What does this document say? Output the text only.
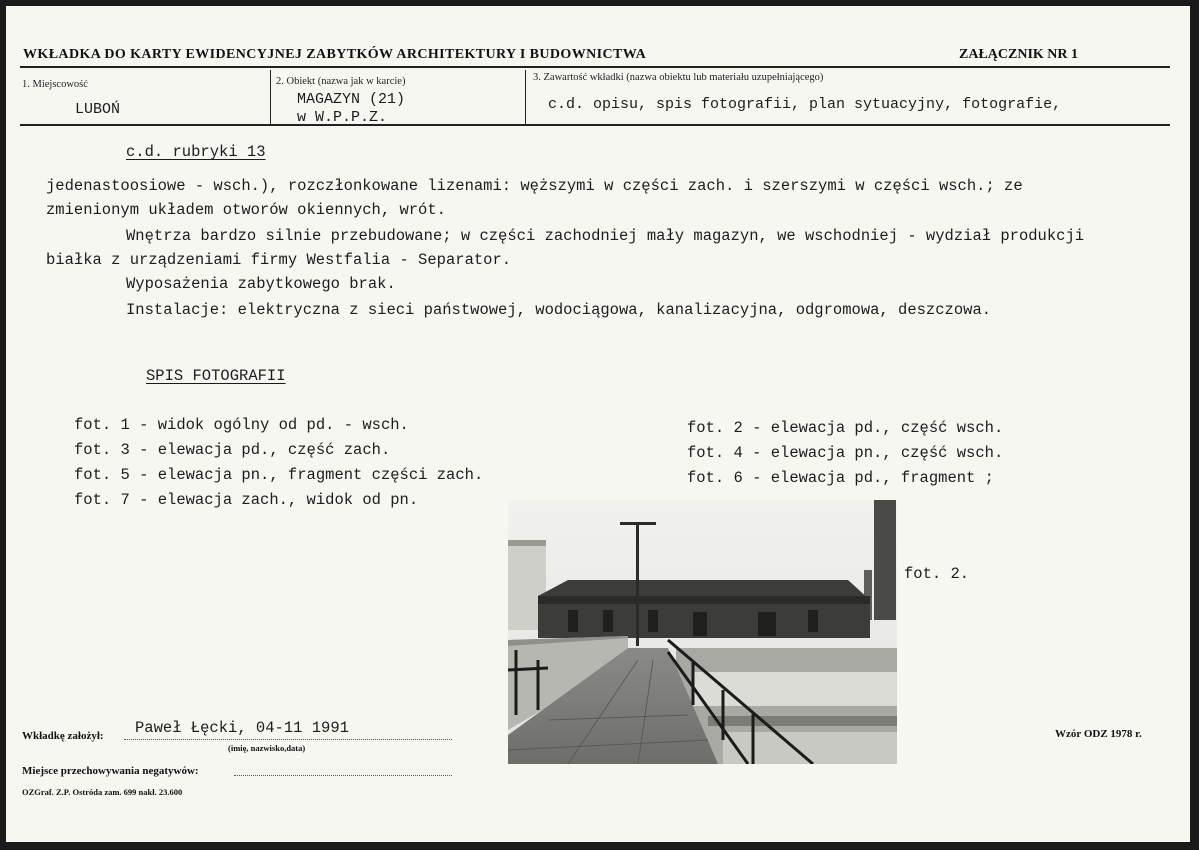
WKŁADKA DO KARTY EWIDENCYJNEJ ZABYTKÓW ARCHITEKTURY I BUDOWNICTWA	ZAŁĄCZNIK NR 1
1. Miejscowość
LUBOŃ
2. Obiekt (nazwa jak w karcie)
MAGAZYN (21)
w W.P.P.Z.
3. Zawartość wkładki (nazwa obiektu lub materiału uzupełniającego)
c.d. opisu, spis fotografii, plan sytuacyjny, fotografie,
c.d. rubryki 13
jedenastoosiowe - wsch.), rozczłonkowane lizenami: węższymi w części zach. i szerszymi w części wsch.; ze
zmienionym układem otworów okiennych, wrót.
Wnętrza bardzo silnie przebudowane; w części zachodniej mały magazyn, we wschodniej - wydział produkcji
białka z urządzeniami firmy Westfalia - Separator.
Wyposażenia zabytkowego brak.
Instalacje: elektryczna z sieci państwowej, wodociągowa, kanalizacyjna, odgromowa, deszczowa.
SPIS FOTOGRAFII
fot. 1 - widok ogólny od pd. - wsch.
fot. 3 - elewacja pd., część zach.
fot. 5 - elewacja pn., fragment części zach.
fot. 7 - elewacja zach., widok od pn.
fot. 2 - elewacja pd., część wsch.
fot. 4 - elewacja pn., część wsch.
fot. 6 - elewacja pd., fragment ;
fot. 2.
Wkładkę założył: Paweł Łęcki, 04-11 1991
(imię, nazwisko,data)
Miejsce przechowywania negatywów:
Wzór ODZ 1978 r.
OZGraf. Z.P. Ostróda zam. 699 nakł. 23.600
